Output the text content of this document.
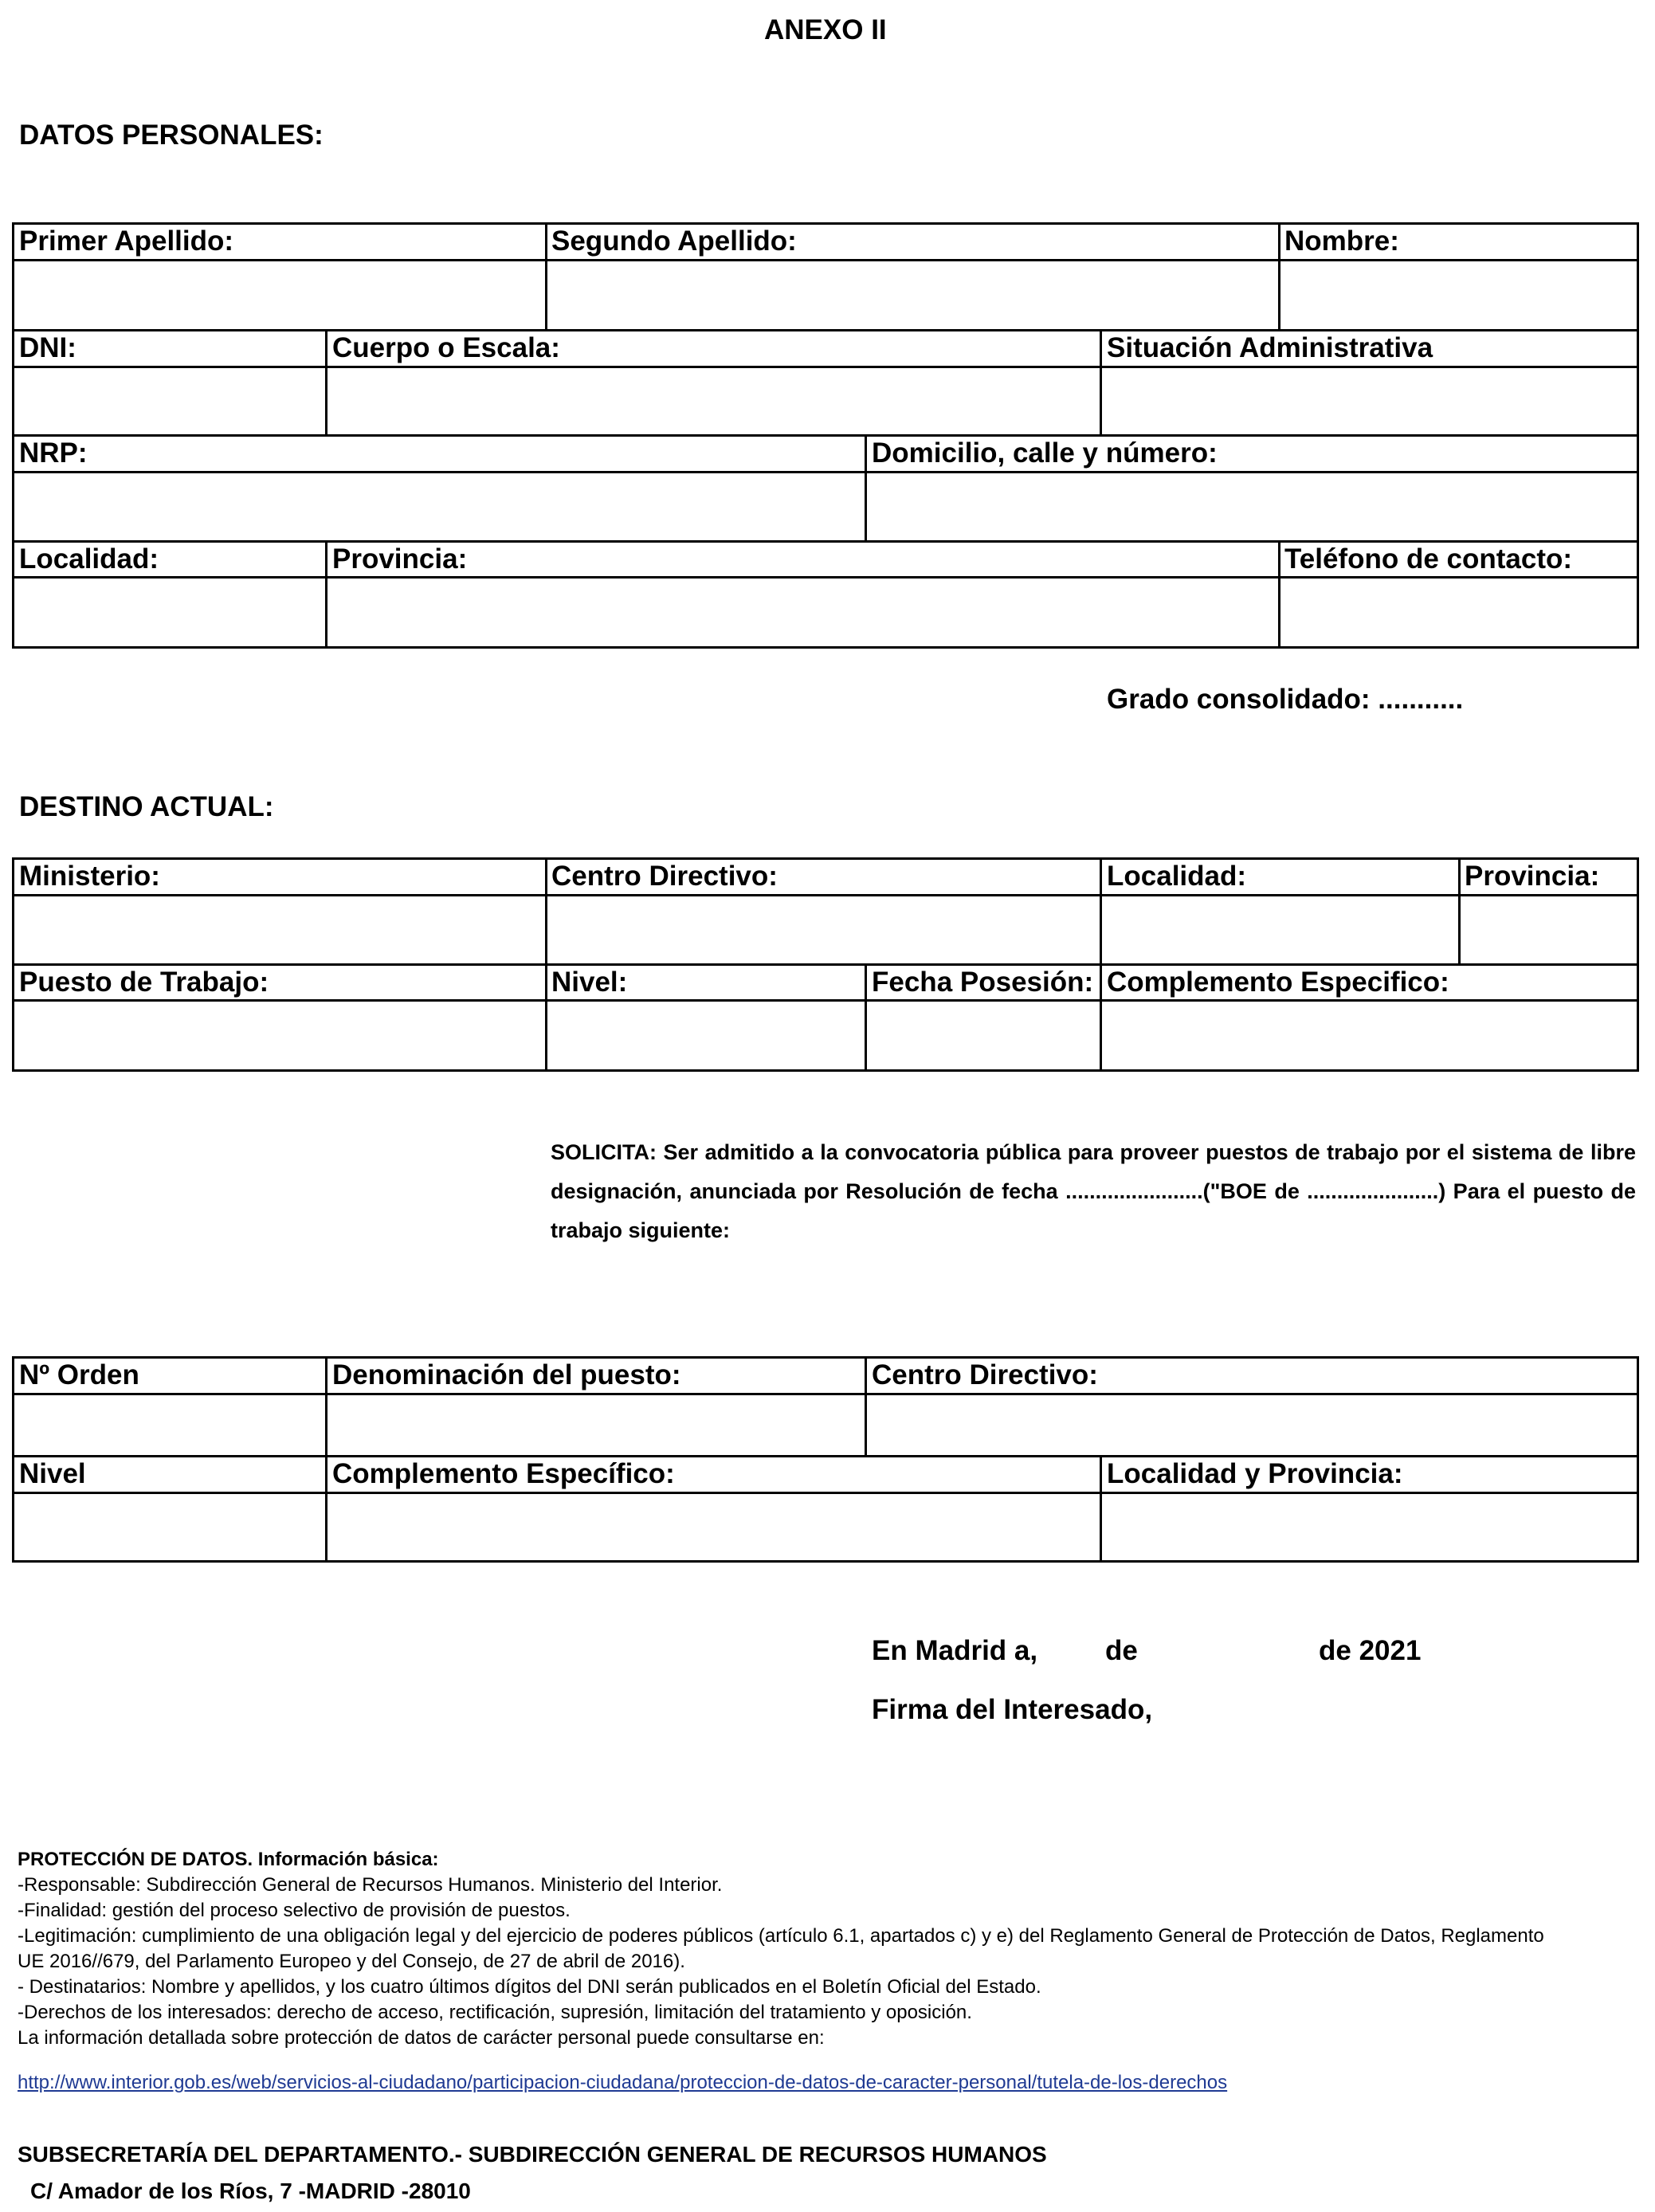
ANEXO II
DATOS PERSONALES:
Primer Apellido:	Segundo Apellido:	Nombre:
DNI:	Cuerpo o Escala:	Situación Administrativa
NRP:	Domicilio, calle y número:
Localidad:	Provincia:	Teléfono de contacto:
Grado consolidado: ...........
DESTINO ACTUAL:
Ministerio:	Centro Directivo:	Localidad:	Provincia:
Puesto de Trabajo:	Nivel:	Fecha Posesión: Complemento Especifico:
SOLICITA: Ser admitido a la convocatoria pública para proveer puestos de trabajo por el sistema de libre designación, anunciada por Resolución de fecha .......................("BOE de ......................) Para el puesto de trabajo siguiente:
Nº Orden	Denominación del puesto:	Centro Directivo:
Nivel	Complemento Específico:	Localidad y Provincia:
En Madrid a, de	de 2021
Firma del Interesado,
PROTECCIÓN DE DATOS. Información básica:
-Responsable: Subdirección General de Recursos Humanos. Ministerio del Interior.
-Finalidad: gestión del proceso selectivo de provisión de puestos.
-Legitimación: cumplimiento de una obligación legal y del ejercicio de poderes públicos (artículo 6.1, apartados c) y e) del Reglamento General de Protección de Datos, Reglamento
UE 2016//679, del Parlamento Europeo y del Consejo, de 27 de abril de 2016).
- Destinatarios: Nombre y apellidos, y los cuatro últimos dígitos del DNI serán publicados en el Boletín Oficial del Estado.
-Derechos de los interesados: derecho de acceso, rectificación, supresión, limitación del tratamiento y oposición.
La información detallada sobre protección de datos de carácter personal puede consultarse en:
http://www.interior.gob.es/web/servicios-al-ciudadano/participacion-ciudadana/proteccion-de-datos-de-caracter-personal/tutela-de-los-derechos
SUBSECRETARÍA DEL DEPARTAMENTO.- SUBDIRECCIÓN GENERAL DE RECURSOS HUMANOS
C/ Amador de los Ríos, 7 -MADRID -28010
